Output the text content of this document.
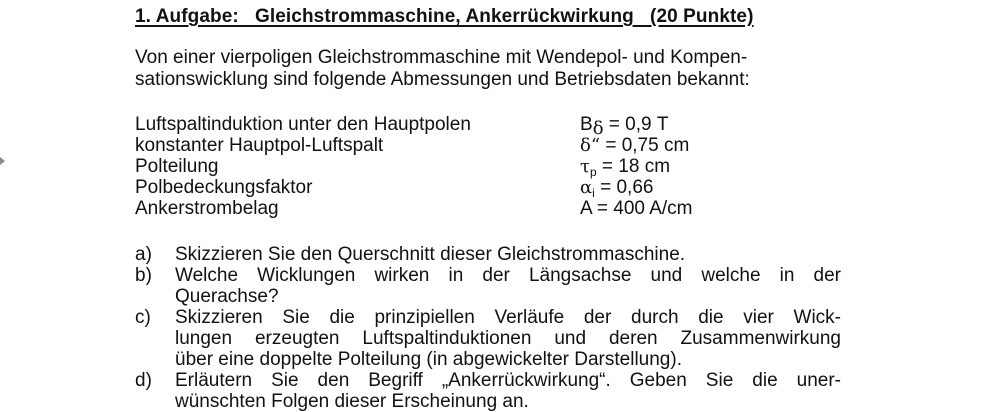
1. Aufgabe:   Gleichstrommaschine, Ankerrückwirkung   (20 Punkte)
Von einer vierpoligen Gleichstrommaschine mit Wendepol- und Kompen-
sationswicklung sind folgende Abmessungen und Betriebsdaten bekannt:
Luftspaltinduktion unter den Hauptpolen	$B_\delta = 0,9$ T
konstanter Hauptpol-Luftspalt	δ“ = 0,75 cm
Polteilung	$\tau_p = 18$ cm
Polbedeckungsfaktor	$\alpha_i = 0,66$
Ankerstrombelag	A = 400 A/cm
a) Skizzieren Sie den Querschnitt dieser Gleichstrommaschine.
b) Welche Wicklungen wirken in der Längsachse und welche in der
Querachse?
c) Skizzieren Sie die prinzipiellen Verläufe der durch die vier Wick-
lungen erzeugten Luftspaltinduktionen und deren Zusammenwirkung
über eine doppelte Polteilung (in abgewickelter Darstellung).
d) Erläutern Sie den Begriff „Ankerrückwirkung“. Geben Sie die uner-
wünschten Folgen dieser Erscheinung an.
